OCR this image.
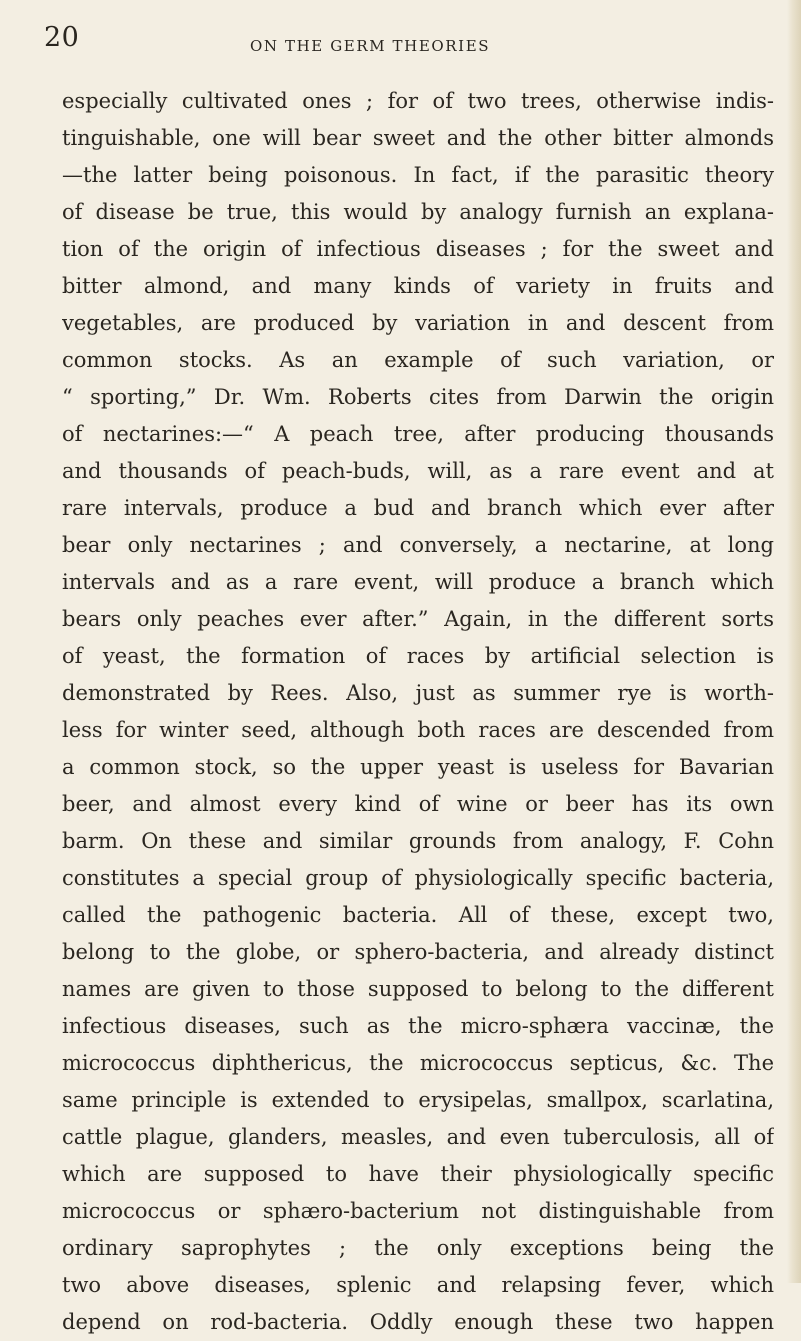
20	ON THE GERM THEORIES
especially cultivated ones ; for of two trees, otherwise indis-
tinguishable, one will bear sweet and the other bitter almonds
—the latter being poisonous. In fact, if the parasitic theory
of disease be true, this would by analogy furnish an explana-
tion of the origin of infectious diseases ; for the sweet and
bitter almond, and many kinds of variety in fruits and
vegetables, are produced by variation in and descent from
common stocks. As an example of such variation, or
“ sporting,” Dr. Wm. Roberts cites from Darwin the origin
of nectarines:—“ A peach tree, after producing thousands
and thousands of peach-buds, will, as a rare event and at
rare intervals, produce a bud and branch which ever after
bear only nectarines ; and conversely, a nectarine, at long
intervals and as a rare event, will produce a branch which
bears only peaches ever after.” Again, in the different sorts
of yeast, the formation of races by artificial selection is
demonstrated by Rees. Also, just as summer rye is worth-
less for winter seed, although both races are descended from
a common stock, so the upper yeast is useless for Bavarian
beer, and almost every kind of wine or beer has its own
barm. On these and similar grounds from analogy, F. Cohn
constitutes a special group of physiologically specific bacteria,
called the pathogenic bacteria. All of these, except two,
belong to the globe, or sphero-bacteria, and already distinct
names are given to those supposed to belong to the different
infectious diseases, such as the micro-sphæra vaccinæ, the
micrococcus diphthericus, the micrococcus septicus, &c. The
same principle is extended to erysipelas, smallpox, scarlatina,
cattle plague, glanders, measles, and even tuberculosis, all of
which are supposed to have their physiologically specific
micrococcus or sphæro-bacterium not distinguishable from
ordinary saprophytes ; the only exceptions being the
two above diseases, splenic and relapsing fever, which
depend on rod-bacteria. Oddly enough these two happen
